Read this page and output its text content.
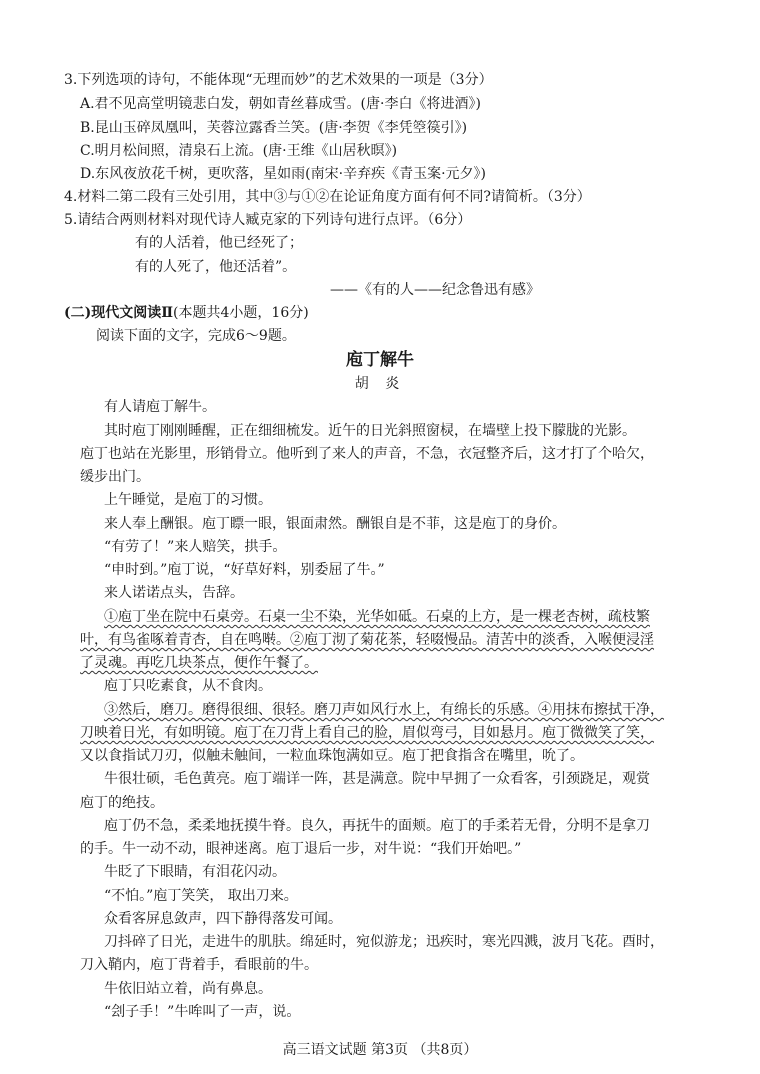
3.下列选项的诗句，不能体现“无理而妙”的艺术效果的一项是（3分）
A.君不见高堂明镜悲白发，朝如青丝暮成雪。(唐·李白《将进酒》)
B.昆山玉碎凤凰叫，芙蓉泣露香兰笑。(唐·李贺《李凭箜篌引》)
C.明月松间照，清泉石上流。(唐·王维《山居秋暝》)
D.东风夜放花千树，更吹落，星如雨(南宋·辛弃疾《青玉案·元夕》)
4.材料二第二段有三处引用，其中③与①②在论证角度方面有何不同?请简析。（3分）
5.请结合两则材料对现代诗人臧克家的下列诗句进行点评。（6分）
有的人活着，他已经死了；
有的人死了，他还活着”。
——《有的人——纪念鲁迅有感》
(二)现代文阅读Ⅱ(本题共4小题，16分)
阅读下面的文字，完成6～9题。
庖丁解牛
胡 炎
有人请庖丁解牛。
其时庖丁刚刚睡醒，正在细细梳发。近午的日光斜照窗棂，在墙壁上投下朦胧的光影。
庖丁也站在光影里，形销骨立。他听到了来人的声音，不急，衣冠整齐后，这才打了个哈欠，
缓步出门。
上午睡觉，是庖丁的习惯。
来人奉上酬银。庖丁瞟一眼，银面肃然。酬银自是不菲，这是庖丁的身价。
“有劳了！”来人赔笑，拱手。
“申时到。”庖丁说，“好草好料，别委屈了牛。”
来人诺诺点头，告辞。
①庖丁坐在院中石桌旁。石桌一尘不染，光华如砥。石桌的上方，是一棵老杏树，疏枝繁
叶，有鸟雀啄着青杏，自在鸣啭。②庖丁沏了菊花茶，轻啜慢品。清苦中的淡香，入喉便浸淫
了灵魂。再吃几块茶点，便作午餐了。
庖丁只吃素食，从不食肉。
③然后，磨刀。磨得很细、很轻。磨刀声如风行水上，有绵长的乐感。④用抹布擦拭干净，
刀映着日光，有如明镜。庖丁在刀背上看自己的脸，眉似弯弓，目如悬月。庖丁微微笑了笑，
又以食指试刀刃，似触未触间，一粒血珠饱满如豆。庖丁把食指含在嘴里，吮了。
牛很壮硕，毛色黄亮。庖丁端详一阵，甚是满意。院中早拥了一众看客，引颈跷足，观赏
庖丁的绝技。
庖丁仍不急，柔柔地抚摸牛脊。良久，再抚牛的面颊。庖丁的手柔若无骨，分明不是拿刀
的手。牛一动不动，眼神迷离。庖丁退后一步，对牛说：“我们开始吧。”
牛眨了下眼睛，有泪花闪动。
“不怕。”庖丁笑笑， 取出刀来。
众看客屏息敛声，四下静得落发可闻。
刀抖碎了日光，走进牛的肌肤。绵延时，宛似游龙；迅疾时，寒光四溅，波月飞花。酉时，
刀入鞘内，庖丁背着手，看眼前的牛。
牛依旧站立着，尚有鼻息。
“刽子手！”牛哞叫了一声，说。
高三语文试题 第3页 （共8页）
